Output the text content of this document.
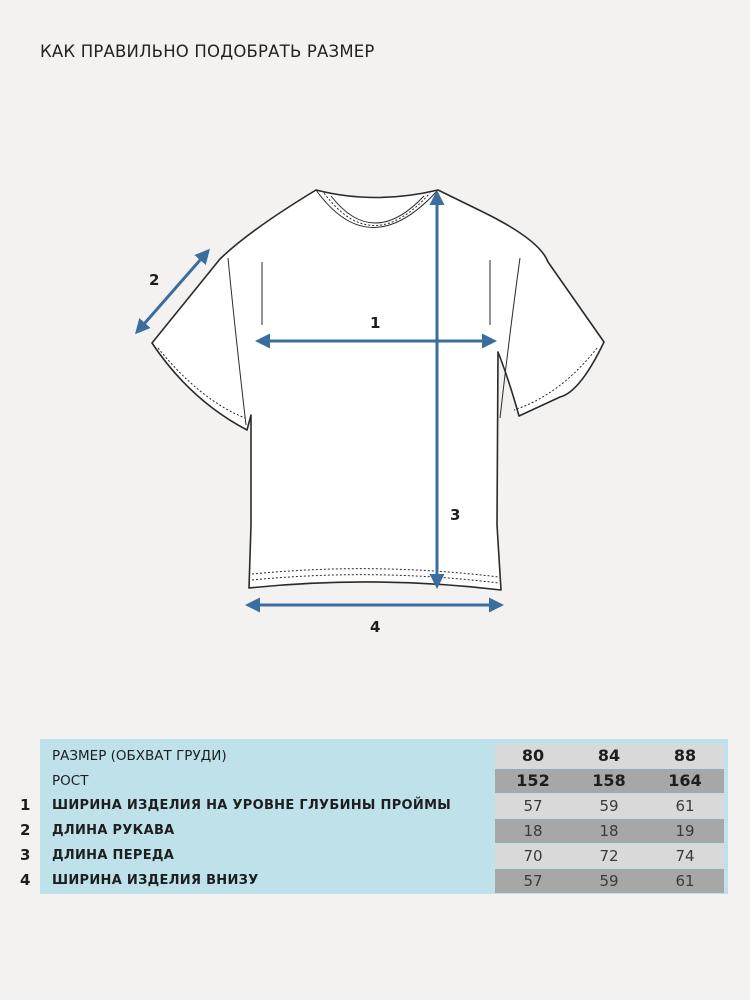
КАК ПРАВИЛЬНО ПОДОБРАТЬ РАЗМЕР
1
2
3
4
РАЗМЕР (ОБХВАТ ГРУДИ)	80	84	88
РОСТ	152	158	164
ШИРИНА ИЗДЕЛИЯ НА УРОВНЕ ГЛУБИНЫ ПРОЙМЫ	57	59	61
ДЛИНА РУКАВА	18	18	19
ДЛИНА ПЕРЕДА	70	72	74
ШИРИНА ИЗДЕЛИЯ ВНИЗУ	57	59	61
1
2
3
4
